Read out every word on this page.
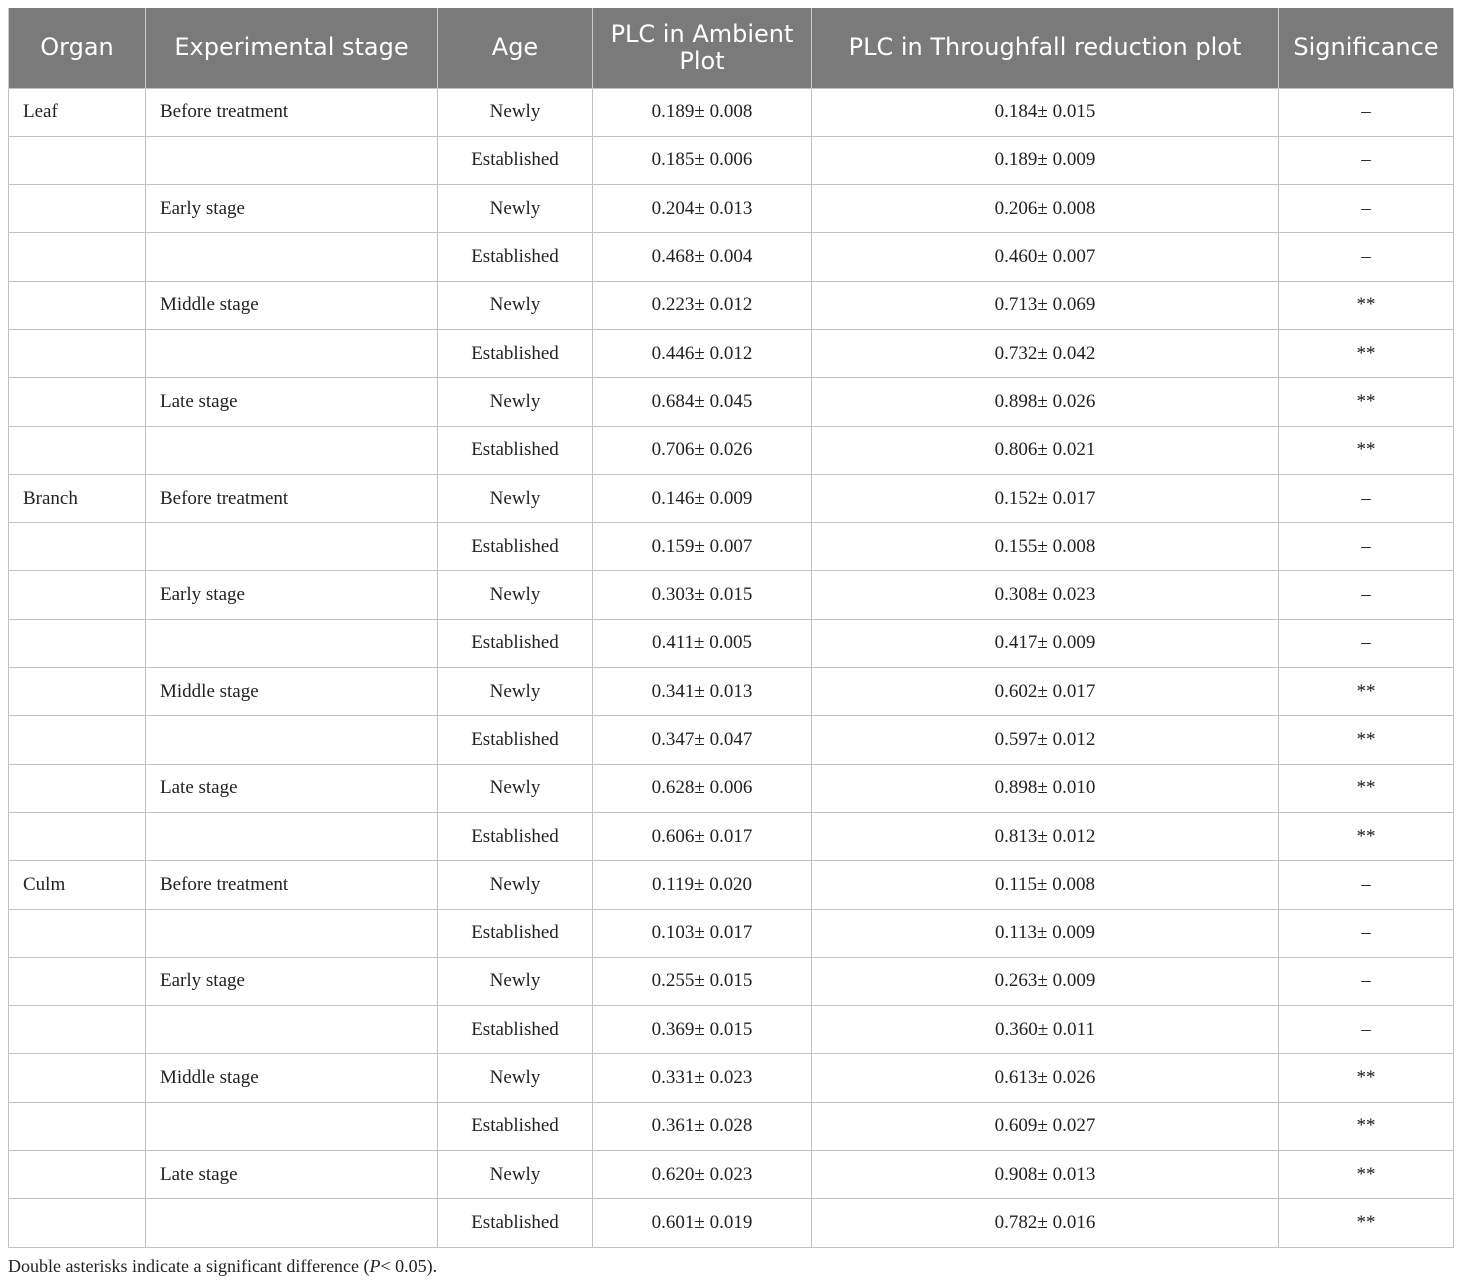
Organ	Experimental stage	Age	PLC in Ambient Plot	PLC in Throughfall reduction plot	Significance
Leaf	Before treatment	Newly	0.189± 0.008	0.184± 0.015	–
		Established	0.185± 0.006	0.189± 0.009	–
	Early stage	Newly	0.204± 0.013	0.206± 0.008	–
		Established	0.468± 0.004	0.460± 0.007	–
	Middle stage	Newly	0.223± 0.012	0.713± 0.069	**
		Established	0.446± 0.012	0.732± 0.042	**
	Late stage	Newly	0.684± 0.045	0.898± 0.026	**
		Established	0.706± 0.026	0.806± 0.021	**
Branch	Before treatment	Newly	0.146± 0.009	0.152± 0.017	–
		Established	0.159± 0.007	0.155± 0.008	–
	Early stage	Newly	0.303± 0.015	0.308± 0.023	–
		Established	0.411± 0.005	0.417± 0.009	–
	Middle stage	Newly	0.341± 0.013	0.602± 0.017	**
		Established	0.347± 0.047	0.597± 0.012	**
	Late stage	Newly	0.628± 0.006	0.898± 0.010	**
		Established	0.606± 0.017	0.813± 0.012	**
Culm	Before treatment	Newly	0.119± 0.020	0.115± 0.008	–
		Established	0.103± 0.017	0.113± 0.009	–
	Early stage	Newly	0.255± 0.015	0.263± 0.009	–
		Established	0.369± 0.015	0.360± 0.011	–
	Middle stage	Newly	0.331± 0.023	0.613± 0.026	**
		Established	0.361± 0.028	0.609± 0.027	**
	Late stage	Newly	0.620± 0.023	0.908± 0.013	**
		Established	0.601± 0.019	0.782± 0.016	**
Double asterisks indicate a significant difference (P< 0.05).
